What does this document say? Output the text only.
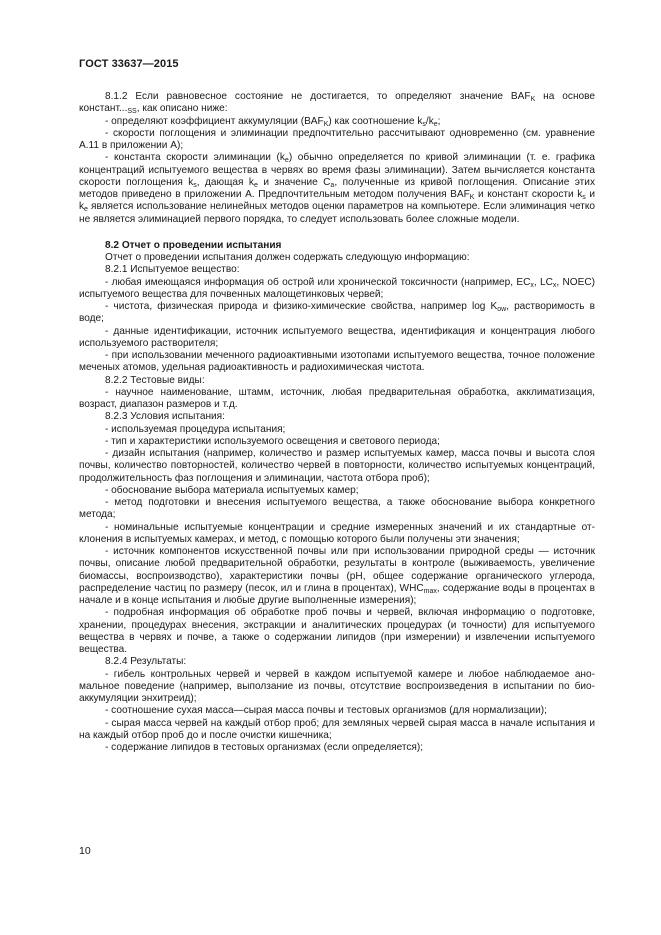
ГОСТ 33637—2015

8.1.2 Если равновесное состояние не достигается, то определяют значение $BAF_K$ на основе $констант..._{SS}$, как описано ниже:

- определяют коэффициент аккумуляции $(BAF_K)$ как соотношение $k_s/k_e$;

- скорости поглощения и элиминации предпочтительно рассчитывают одновременно (см. уравнение А.11 в приложении А);

- константа скорости элиминации $(k_e)$ обычно определяется по кривой элиминации (т. е. графика концентраций испытуемого вещества в червях во время фазы элиминации). Затем вычисляется константа скорости поглощения $k_s$, дающая $k_e$ и значение $C_a$, полученные из кривой поглощения. Описание этих методов приведено в приложении А. Предпочтительным методом получения $BAF_K$ и констант скорости $k_s$ и $k_e$ является использование нелинейных методов оценки параметров на компьютере. Если элиминация четко не является элиминацией первого порядка, то следует использовать более сложные модели.

8.2 Отчет о проведении испытания

Отчет о проведении испытания должен содержать следующую информацию:

8.2.1 Испытуемое вещество:

- любая имеющаяся информация об острой или хронической токсичности (например, $EC_x$, $LC_x$, NOEC) испытуемого вещества для почвенных малощетинковых червей;

- чистота, физическая природа и физико-химические свойства, например $\log K_{ow}$, растворимость в воде;

- данные идентификации, источник испытуемого вещества, идентификация и концентрация любого используемого растворителя;

- при использовании меченного радиоактивными изотопами испытуемого вещества, точное положение меченых атомов, удельная радиоактивность и радиохимическая чистота.

8.2.2 Тестовые виды:

- научное наименование, штамм, источник, любая предварительная обработка, акклиматизация, возраст, диапазон размеров и т.д.

8.2.3 Условия испытания:

- используемая процедура испытания;

- тип и характеристики используемого освещения и светового периода;

- дизайн испытания (например, количество и размер испытуемых камер, масса почвы и высота слоя почвы, количество повторностей, количество червей в повторности, количество испытуемых концентраций, продолжительность фаз поглощения и элиминации, частота отбора проб);

- обоснование выбора материала испытуемых камер;

- метод подготовки и внесения испытуемого вещества, а также обоснование выбора конкретного метода;

- номинальные испытуемые концентрации и средние измеренных значений и их стандартные отклонения в испытуемых камерах, и метод, с помощью которого были получены эти значения;

- источник компонентов искусственной почвы или при использовании природной среды — источник почвы, описание любой предварительной обработки, результаты в контроле (выживаемость, увеличение биомассы, воспроизводство), характеристики почвы (pH, общее содержание органического углерода, распределение частиц по размеру (песок, ил и глина в процентах), $WHC_{max}$, содержание воды в процентах в начале и в конце испытания и любые другие выполненные измерения);

- подробная информация об обработке проб почвы и червей, включая информацию о подготовке, хранении, процедурах внесения, экстракции и аналитических процедурах (и точности) для испытуемого вещества в червях и почве, а также о содержании липидов (при измерении) и извлечении испытуемого вещества.

8.2.4 Результаты:

- гибель контрольных червей и червей в каждом испытуемой камере и любое наблюдаемое аномальное поведение (например, выползание из почвы, отсутствие воспроизведения в испытании по биоаккумуляции энхитреид);

- соотношение сухая масса—сырая масса почвы и тестовых организмов (для нормализации);

- сырая масса червей на каждый отбор проб; для земляных червей сырая масса в начале испытания и на каждый отбор проб до и после очистки кишечника;

- содержание липидов в тестовых организмах (если определяется);

10
